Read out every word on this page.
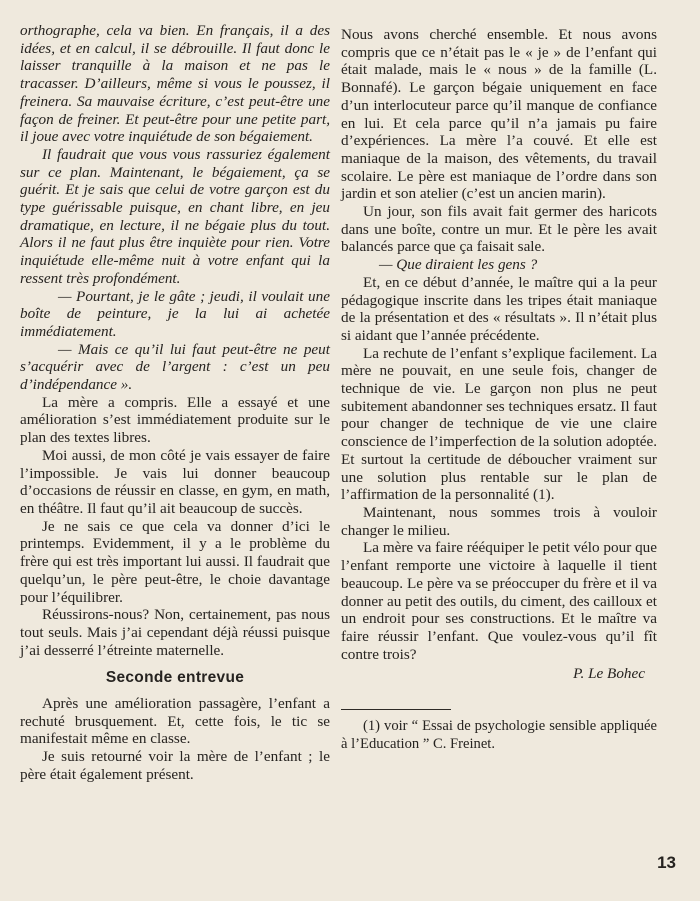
orthographe, cela va bien. En français, il a des idées, et en calcul, il se débrouille. Il faut donc le laisser tranquille à la maison et ne pas le tracasser. D’ailleurs, même si vous le poussez, il freinera. Sa mauvaise écriture, c’est peut-être une façon de freiner. Et peut-être pour une petite part, il joue avec votre inquiétude de son bégaiement.

Il faudrait que vous vous rassuriez également sur ce plan. Maintenant, le bégaiement, ça se guérit. Et je sais que celui de votre garçon est du type guérissable puisque, en chant libre, en jeu dramatique, en lecture, il ne bégaie plus du tout. Alors il ne faut plus être inquiète pour rien. Votre inquiétude elle-même nuit à votre enfant qui la ressent très profondément.

— Pourtant, je le gâte ; jeudi, il voulait une boîte de peinture, je la lui ai achetée immédiatement.

— Mais ce qu’il lui faut peut-être ne peut s’acquérir avec de l’argent : c’est un peu d’indépendance ».

La mère a compris. Elle a essayé et une amélioration s’est immédiatement produite sur le plan des textes libres.

Moi aussi, de mon côté je vais essayer de faire l’impossible. Je vais lui donner beaucoup d’occasions de réussir en classe, en gym, en math, en théâtre. Il faut qu’il ait beaucoup de succès.

Je ne sais ce que cela va donner d’ici le printemps. Evidemment, il y a le problème du frère qui est très important lui aussi. Il faudrait que quelqu’un, le père peut-être, le choie davantage pour l’équilibrer.

Réussirons-nous? Non, certainement, pas nous tout seuls. Mais j’ai cependant déjà réussi puisque j’ai desserré l’étreinte maternelle.

Seconde entrevue

Après une amélioration passagère, l’enfant a rechuté brusquement. Et, cette fois, le tic se manifestait même en classe.

Je suis retourné voir la mère de l’enfant ; le père était également présent.

Nous avons cherché ensemble. Et nous avons compris que ce n’était pas le « je » de l’enfant qui était malade, mais le « nous » de la famille (L. Bonnafé). Le garçon bégaie uniquement en face d’un interlocuteur parce qu’il manque de confiance en lui. Et cela parce qu’il n’a jamais pu faire d’expériences. La mère l’a couvé. Et elle est maniaque de la maison, des vêtements, du travail scolaire. Le père est maniaque de l’ordre dans son jardin et son atelier (c’est un ancien marin).

Un jour, son fils avait fait germer des haricots dans une boîte, contre un mur. Et le père les avait balancés parce que ça faisait sale.

— Que diraient les gens ?

Et, en ce début d’année, le maître qui a la peur pédagogique inscrite dans les tripes était maniaque de la présentation et des « résultats ». Il n’était plus si aidant que l’année précédente.

La rechute de l’enfant s’explique facilement. La mère ne pouvait, en une seule fois, changer de technique de vie. Le garçon non plus ne peut subitement abandonner ses techniques ersatz. Il faut pour changer de technique de vie une claire conscience de l’imperfection de la solution adoptée. Et surtout la certitude de déboucher vraiment sur une solution plus rentable sur le plan de l’affirmation de la personnalité (1).

Maintenant, nous sommes trois à vouloir changer le milieu.

La mère va faire rééquiper le petit vélo pour que l’enfant remporte une victoire à laquelle il tient beaucoup. Le père va se préoccuper du frère et il va donner au petit des outils, du ciment, des cailloux et un endroit pour ses constructions. Et le maître va faire réussir l’enfant. Que voulez-vous qu’il fît contre trois?

P. Le Bohec

(1) voir “ Essai de psychologie sensible appliquée à l’Education ” C. Freinet.

13
